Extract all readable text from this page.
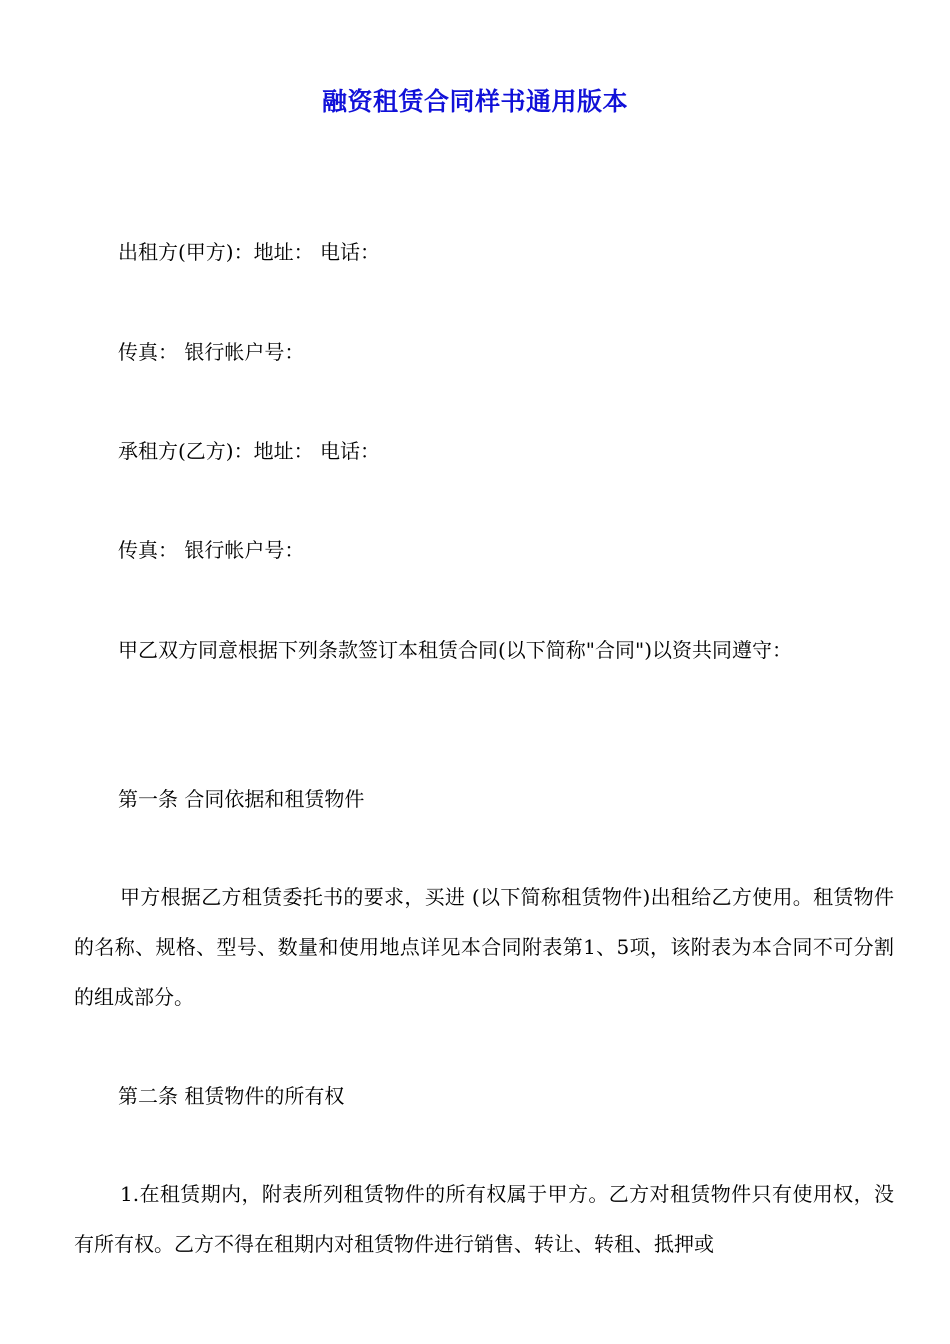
融资租赁合同样书通用版本
出租方(甲方)：地址： 电话：
传真： 银行帐户号：
承租方(乙方)：地址： 电话：
传真： 银行帐户号：
甲乙双方同意根据下列条款签订本租赁合同(以下简称"合同")以资共同遵守：
第一条 合同依据和租赁物件
甲方根据乙方租赁委托书的要求，买进 (以下简称租赁物件)出租给乙方使用。租赁物件的名称、规格、型号、数量和使用地点详见本合同附表第1、5项，该附表为本合同不可分割的组成部分。
第二条 租赁物件的所有权
1.在租赁期内，附表所列租赁物件的所有权属于甲方。乙方对租赁物件只有使用权，没有所有权。乙方不得在租期内对租赁物件进行销售、转让、转租、抵押或
